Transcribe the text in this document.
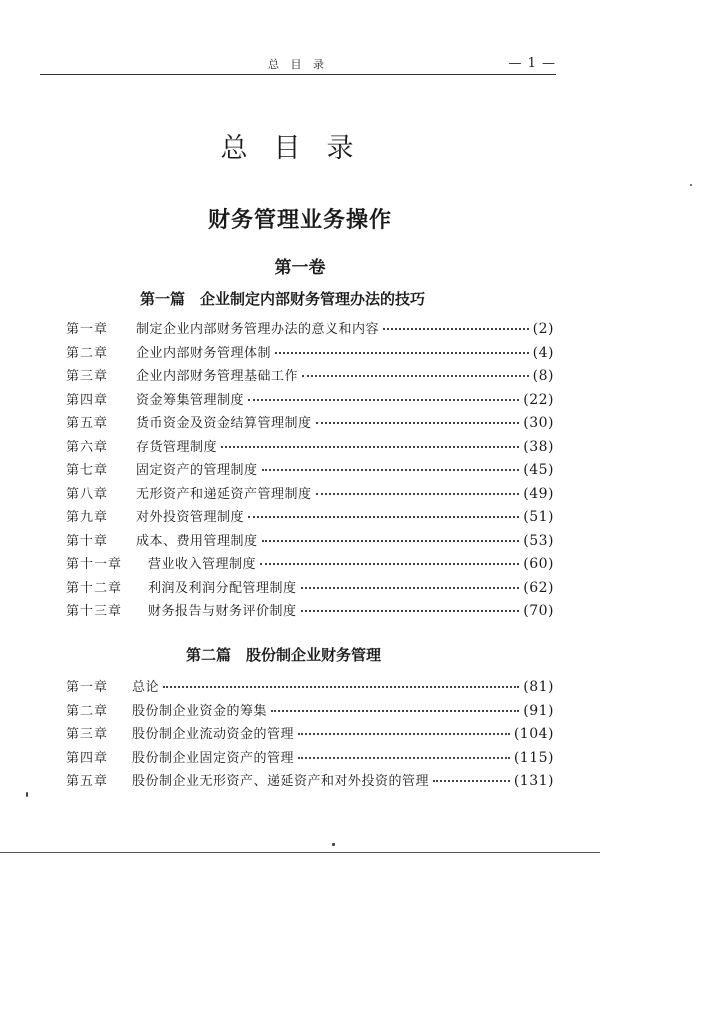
总 目 录	— 1 —
总目录
财务管理业务操作
第一卷
第一篇　企业制定内部财务管理办法的技巧
第一章	制定企业内部财务管理办法的意义和内容	(2)
第二章	企业内部财务管理体制	(4)
第三章	企业内部财务管理基础工作	(8)
第四章	资金筹集管理制度	(22)
第五章	货币资金及资金结算管理制度	(30)
第六章	存货管理制度	(38)
第七章	固定资产的管理制度	(45)
第八章	无形资产和递延资产管理制度	(49)
第九章	对外投资管理制度	(51)
第十章	成本、费用管理制度	(53)
第十一章	营业收入管理制度	(60)
第十二章	利润及利润分配管理制度	(62)
第十三章	财务报告与财务评价制度	(70)
第二篇　股份制企业财务管理
第一章	总论	(81)
第二章	股份制企业资金的筹集	(91)
第三章	股份制企业流动资金的管理	(104)
第四章	股份制企业固定资产的管理	(115)
第五章	股份制企业无形资产、递延资产和对外投资的管理	(131)
